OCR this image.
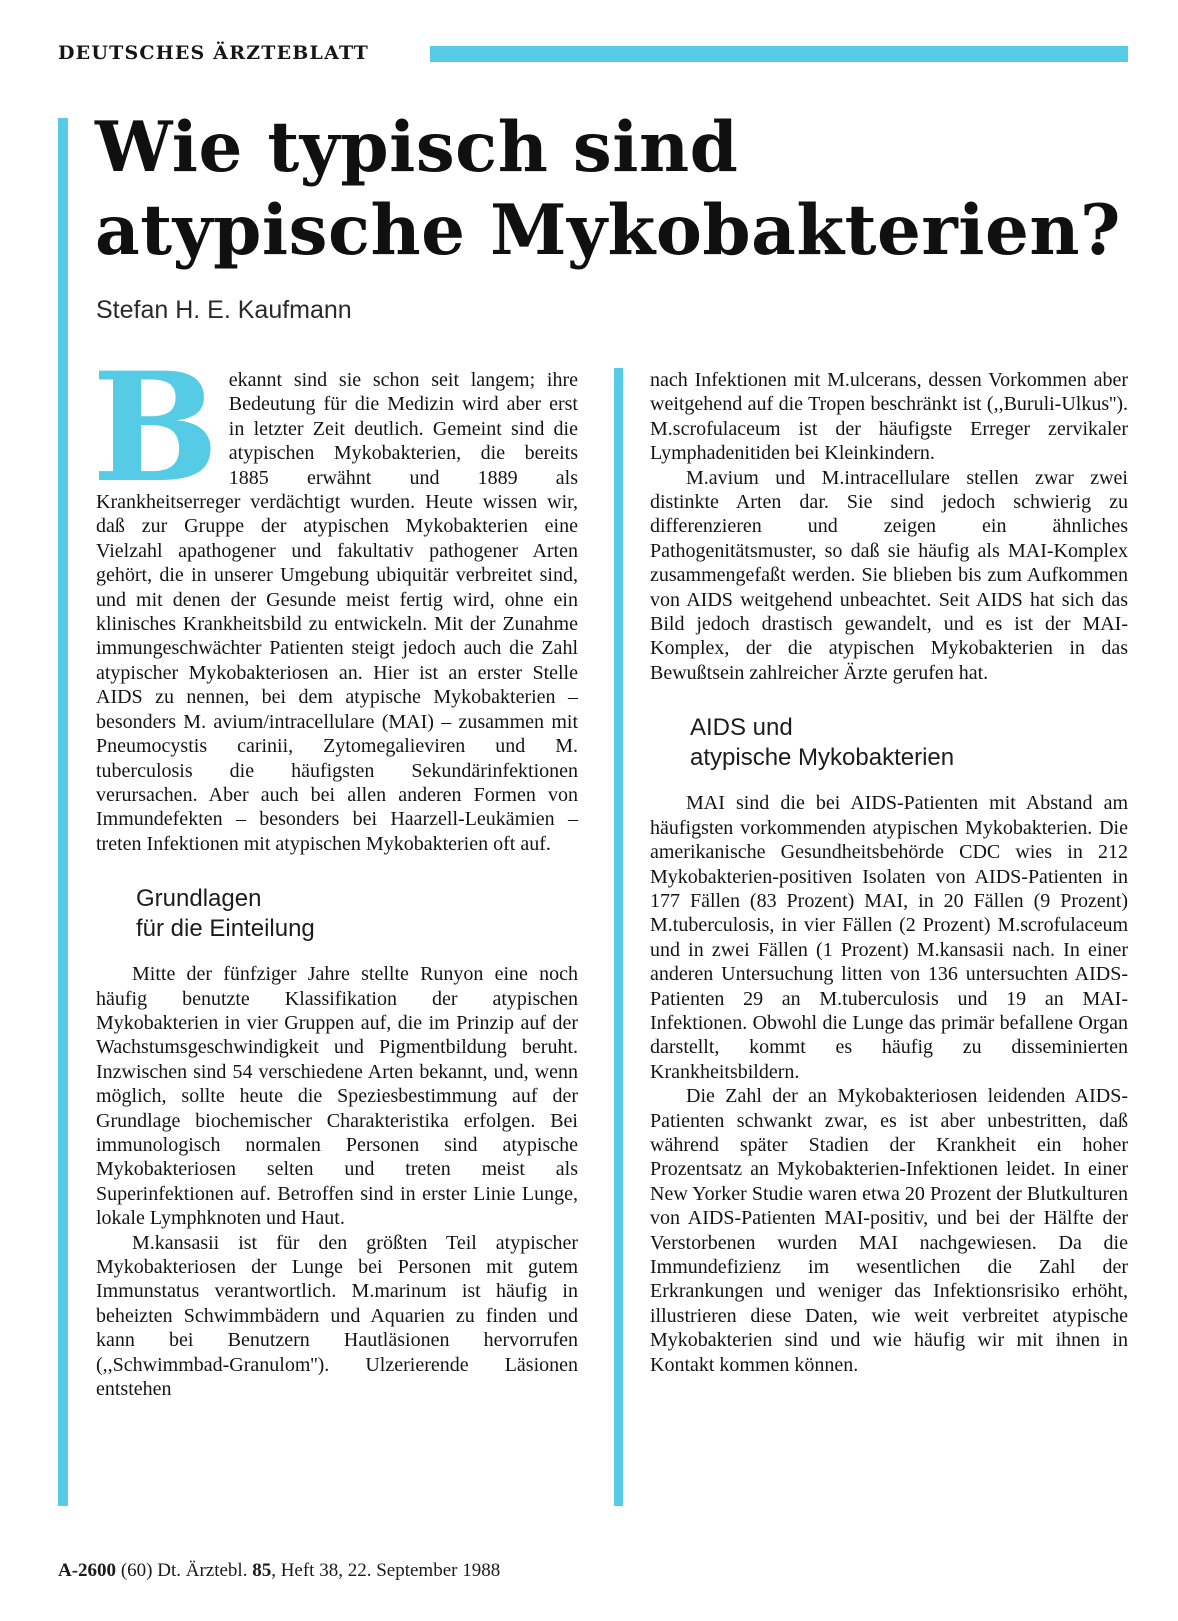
DEUTSCHES ÄRZTEBLATT
Wie typisch sind
atypische Mykobakterien?
Stefan H. E. Kaufmann

Bekannt sind sie schon seit langem; ihre Bedeutung für die Medizin wird aber erst in letzter Zeit deutlich. Gemeint sind die atypischen Mykobakterien, die bereits 1885 erwähnt und 1889 als Krankheitserreger verdächtigt wurden. Heute wissen wir, daß zur Gruppe der atypischen Mykobakterien eine Vielzahl apathogener und fakultativ pathogener Arten gehört, die in unserer Umgebung ubiquitär verbreitet sind, und mit denen der Gesunde meist fertig wird, ohne ein klinisches Krankheitsbild zu entwickeln. Mit der Zunahme immungeschwächter Patienten steigt jedoch auch die Zahl atypischer Mykobakteriosen an. Hier ist an erster Stelle AIDS zu nennen, bei dem atypische Mykobakterien – besonders M. avium/intracellulare (MAI) – zusammen mit Pneumocystis carinii, Zytomegalieviren und M. tuberculosis die häufigsten Sekundärinfektionen verursachen. Aber auch bei allen anderen Formen von Immundefekten – besonders bei Haarzell-Leukämien – treten Infektionen mit atypischen Mykobakterien oft auf.

Grundlagen
für die Einteilung

Mitte der fünfziger Jahre stellte Runyon eine noch häufig benutzte Klassifikation der atypischen Mykobakterien in vier Gruppen auf, die im Prinzip auf der Wachstumsgeschwindigkeit und Pigmentbildung beruht. Inzwischen sind 54 verschiedene Arten bekannt, und, wenn möglich, sollte heute die Speziesbestimmung auf der Grundlage biochemischer Charakteristika erfolgen. Bei immunologisch normalen Personen sind atypische Mykobakteriosen selten und treten meist als Superinfektionen auf. Betroffen sind in erster Linie Lunge, lokale Lymphknoten und Haut.

M.kansasii ist für den größten Teil atypischer Mykobakteriosen der Lunge bei Personen mit gutem Immunstatus verantwortlich. M.marinum ist häufig in beheizten Schwimmbädern und Aquarien zu finden und kann bei Benutzern Hautläsionen hervorrufen (,,Schwimmbad-Granulom''). Ulzerierende Läsionen entstehen

nach Infektionen mit M.ulcerans, dessen Vorkommen aber weitgehend auf die Tropen beschränkt ist (,,Buruli-Ulkus''). M.scrofulaceum ist der häufigste Erreger zervikaler Lymphadenitiden bei Kleinkindern.

M.avium und M.intracellulare stellen zwar zwei distinkte Arten dar. Sie sind jedoch schwierig zu differenzieren und zeigen ein ähnliches Pathogenitätsmuster, so daß sie häufig als MAI-Komplex zusammengefaßt werden. Sie blieben bis zum Aufkommen von AIDS weitgehend unbeachtet. Seit AIDS hat sich das Bild jedoch drastisch gewandelt, und es ist der MAI-Komplex, der die atypischen Mykobakterien in das Bewußtsein zahlreicher Ärzte gerufen hat.

AIDS und
atypische Mykobakterien

MAI sind die bei AIDS-Patienten mit Abstand am häufigsten vorkommenden atypischen Mykobakterien. Die amerikanische Gesundheitsbehörde CDC wies in 212 Mykobakterien-positiven Isolaten von AIDS-Patienten in 177 Fällen (83 Prozent) MAI, in 20 Fällen (9 Prozent) M.tuberculosis, in vier Fällen (2 Prozent) M.scrofulaceum und in zwei Fällen (1 Prozent) M.kansasii nach. In einer anderen Untersuchung litten von 136 untersuchten AIDS-Patienten 29 an M.tuberculosis und 19 an MAI-Infektionen. Obwohl die Lunge das primär befallene Organ darstellt, kommt es häufig zu disseminierten Krankheitsbildern.

Die Zahl der an Mykobakteriosen leidenden AIDS-Patienten schwankt zwar, es ist aber unbestritten, daß während später Stadien der Krankheit ein hoher Prozentsatz an Mykobakterien-Infektionen leidet. In einer New Yorker Studie waren etwa 20 Prozent der Blutkulturen von AIDS-Patienten MAI-positiv, und bei der Hälfte der Verstorbenen wurden MAI nachgewiesen. Da die Immundefizienz im wesentlichen die Zahl der Erkrankungen und weniger das Infektionsrisiko erhöht, illustrieren diese Daten, wie weit verbreitet atypische Mykobakterien sind und wie häufig wir mit ihnen in Kontakt kommen können.

A-2600 (60) Dt. Ärztebl. 85, Heft 38, 22. September 1988
